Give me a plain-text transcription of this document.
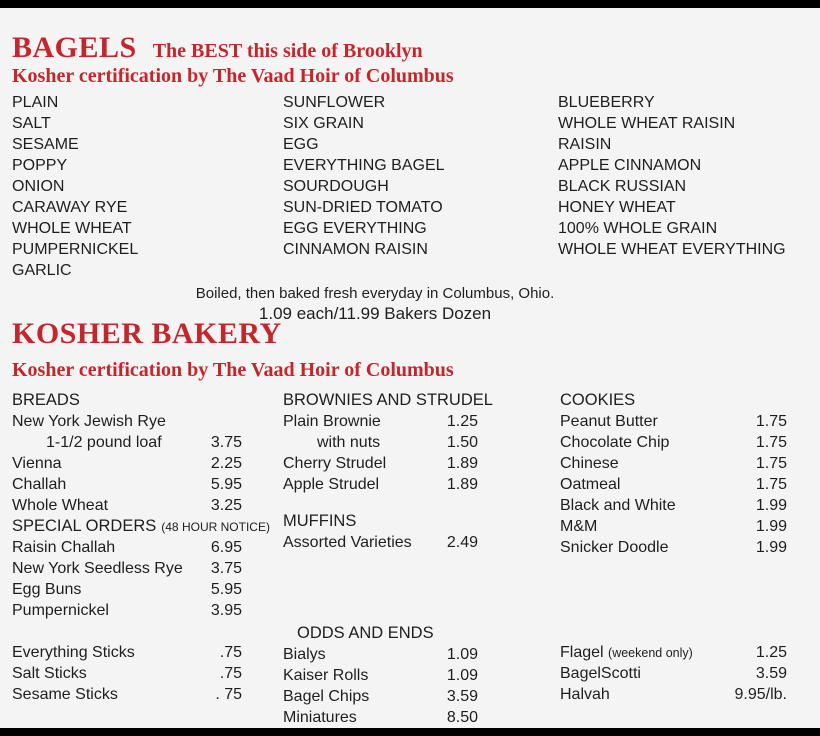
BAGELS The BEST this side of Brooklyn
Kosher certification by The Vaad Hoir of Columbus
PLAIN
SALT
SESAME
POPPY
ONION
CARAWAY RYE
WHOLE WHEAT
PUMPERNICKEL
GARLIC
SUNFLOWER
SIX GRAIN
EGG
EVERYTHING BAGEL
SOURDOUGH
SUN-DRIED TOMATO
EGG EVERYTHING
CINNAMON RAISIN
BLUEBERRY
WHOLE WHEAT RAISIN
RAISIN
APPLE CINNAMON
BLACK RUSSIAN
HONEY WHEAT
100% WHOLE GRAIN
WHOLE WHEAT EVERYTHING
Boiled, then baked fresh everyday in Columbus, Ohio.
1.09 each/11.99 Bakers Dozen
KOSHER BAKERY
Kosher certification by The Vaad Hoir of Columbus
BREADS
New York Jewish Rye
1-1/2 pound loaf	3.75
Vienna	2.25
Challah	5.95
Whole Wheat	3.25
SPECIAL ORDERS (48 HOUR NOTICE)
Raisin Challah	6.95
New York Seedless Rye 3.75
Egg Buns	5.95
Pumpernickel	3.95
Everything Sticks	.75
Salt Sticks	.75
Sesame Sticks	. 75
BROWNIES AND STRUDEL
Plain Brownie	1.25
with nuts	1.50
Cherry Strudel	1.89
Apple Strudel	1.89
MUFFINS
Assorted Varieties 2.49
ODDS AND ENDS
Bialys	1.09
Kaiser Rolls	1.09
Bagel Chips	3.59
Miniatures	8.50
COOKIES
Peanut Butter	1.75
Chocolate Chip	1.75
Chinese	1.75
Oatmeal	1.75
Black and White	1.99
M&M	1.99
Snicker Doodle	1.99
Flagel (weekend only)	1.25
BagelScotti	3.59
Halvah	9.95/lb.
